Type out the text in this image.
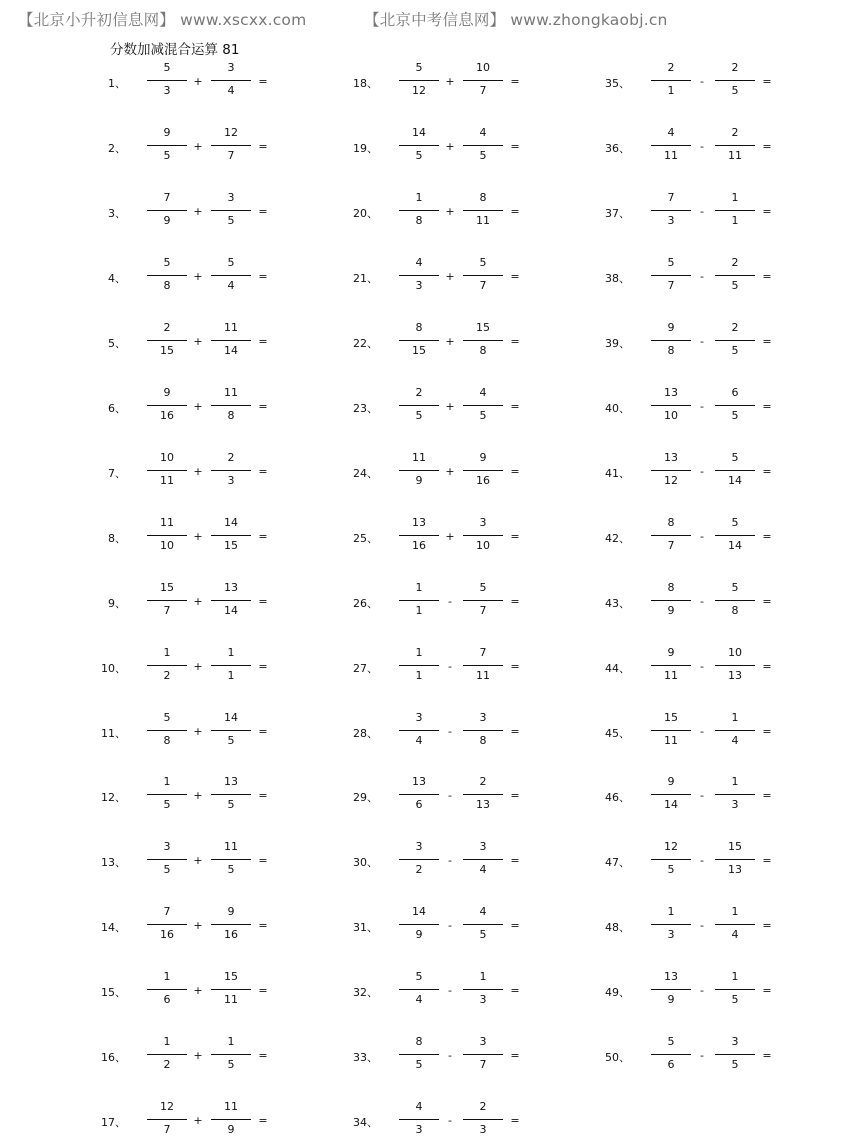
【北京小升初信息网】 www.xscxx.com	【北京中考信息网】 www.zhongkaobj.cn
分数加减混合运算 81
1、
5
3
+
3
4
=
2、
9
5
+
12
7
=
3、
7
9
+
3
5
=
4、
5
8
+
5
4
=
5、
2
15
+
11
14
=
6、
9
16
+
11
8
=
7、
10
11
+
2
3
=
8、
11
10
+
14
15
=
9、
15
7
+
13
14
=
10、
1
2
+
1
1
=
11、
5
8
+
14
5
=
12、
1
5
+
13
5
=
13、
3
5
+
11
5
=
14、
7
16
+
9
16
=
15、
1
6
+
15
11
=
16、
1
2
+
1
5
=
17、
12
7
+
11
9
=
18、
5
12
+
10
7
=
19、
14
5
+
4
5
=
20、
1
8
+
8
11
=
21、
4
3
+
5
7
=
22、
8
15
+
15
8
=
23、
2
5
+
4
5
=
24、
11
9
+
9
16
=
25、
13
16
+
3
10
=
26、
1
1
-
5
7
=
27、
1
1
-
7
11
=
28、
3
4
-
3
8
=
29、
13
6
-
2
13
=
30、
3
2
-
3
4
=
31、
14
9
-
4
5
=
32、
5
4
-
1
3
=
33、
8
5
-
3
7
=
34、
4
3
-
2
3
=
35、
2
1
-
2
5
=
36、
4
11
-
2
11
=
37、
7
3
-
1
1
=
38、
5
7
-
2
5
=
39、
9
8
-
2
5
=
40、
13
10
-
6
5
=
41、
13
12
-
5
14
=
42、
8
7
-
5
14
=
43、
8
9
-
5
8
=
44、
9
11
-
10
13
=
45、
15
11
-
1
4
=
46、
9
14
-
1
3
=
47、
12
5
-
15
13
=
48、
1
3
-
1
4
=
49、
13
9
-
1
5
=
50、
5
6
-
3
5
=
